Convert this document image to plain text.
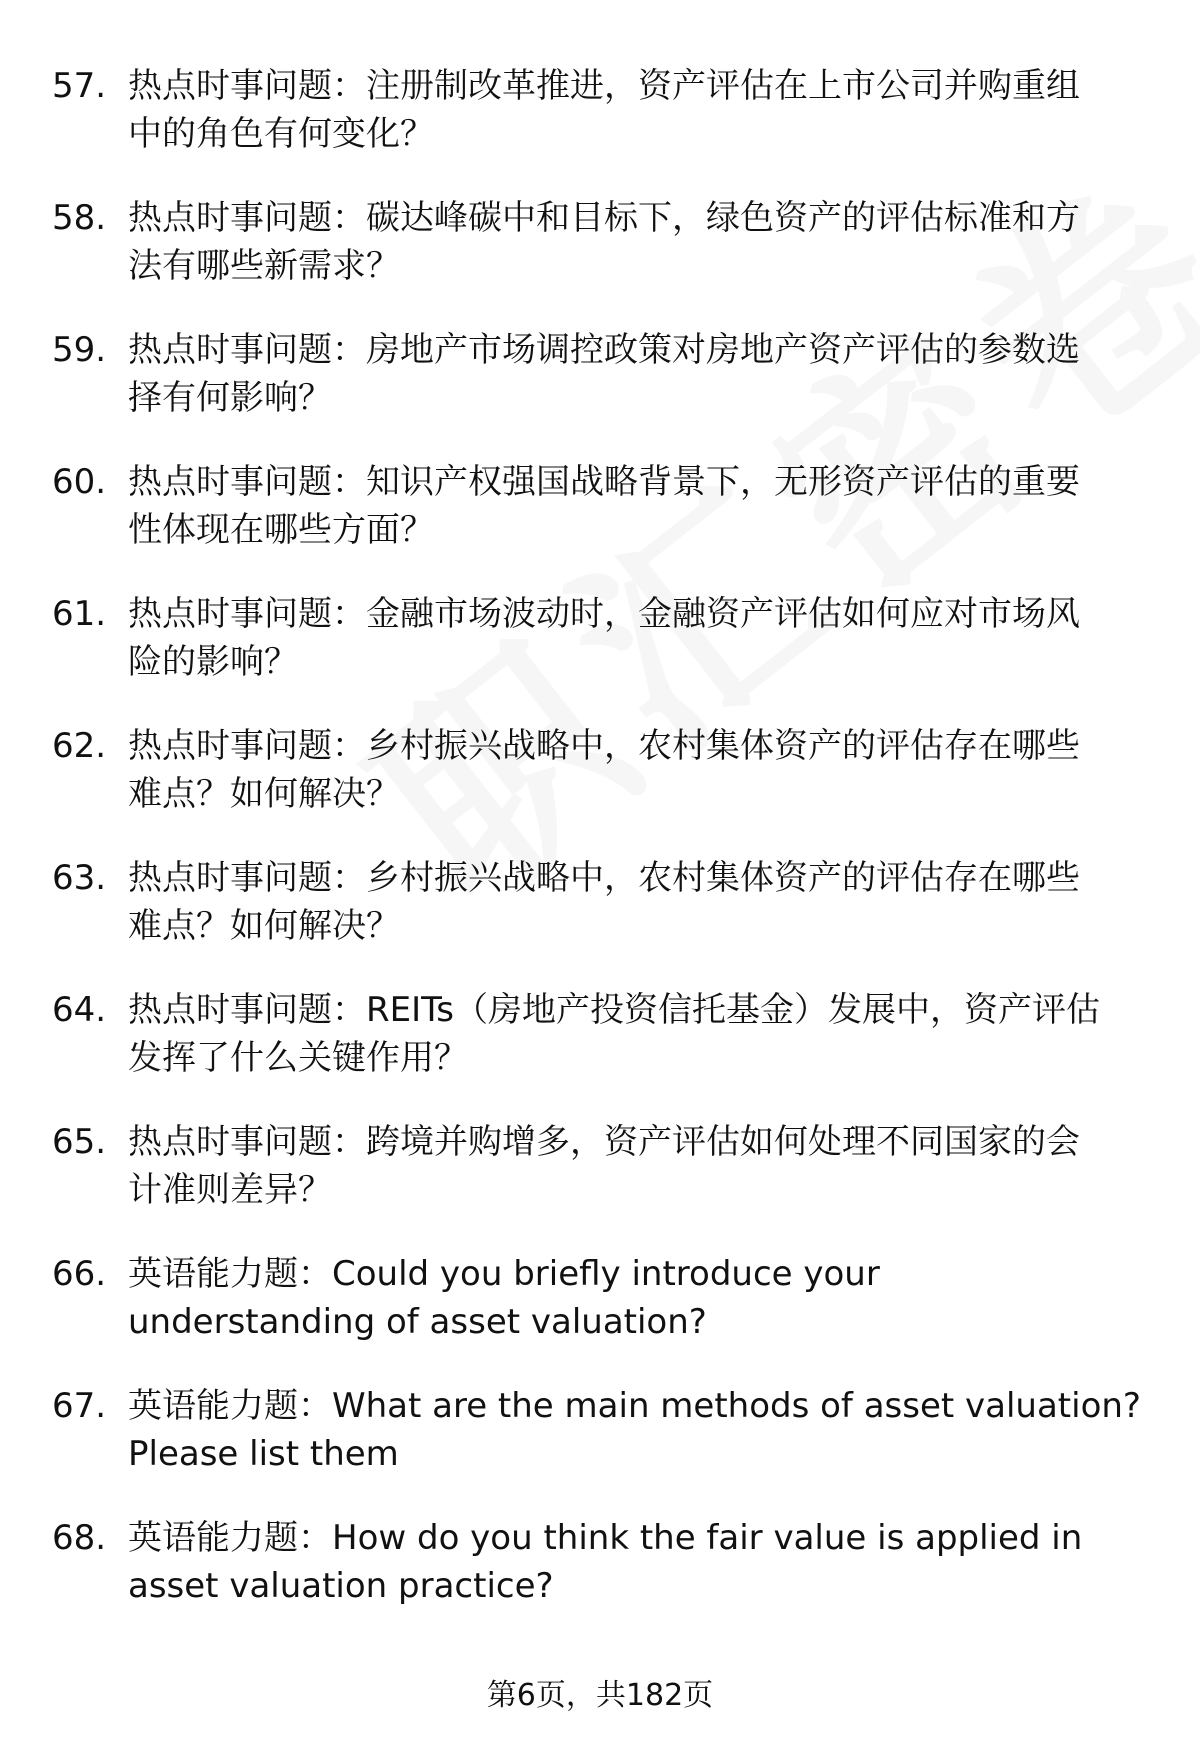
57. 热点时事问题：注册制改革推进，资产评估在上市公司并购重组
中的角色有何变化？
58. 热点时事问题：碳达峰碳中和目标下，绿色资产的评估标准和方
法有哪些新需求？
59. 热点时事问题：房地产市场调控政策对房地产资产评估的参数选
择有何影响？
60. 热点时事问题：知识产权强国战略背景下，无形资产评估的重要
性体现在哪些方面？
61. 热点时事问题：金融市场波动时，金融资产评估如何应对市场风
险的影响？
62. 热点时事问题：乡村振兴战略中，农村集体资产的评估存在哪些
难点？如何解决？
63. 热点时事问题：乡村振兴战略中，农村集体资产的评估存在哪些
难点？如何解决？
64. 热点时事问题：REITs（房地产投资信托基金）发展中，资产评估
发挥了什么关键作用？
65. 热点时事问题：跨境并购增多，资产评估如何处理不同国家的会
计准则差异？
66. 英语能力题：Could you briefly introduce your
understanding of asset valuation?
67. 英语能力题：What are the main methods of asset valuation?
Please list them
68. 英语能力题：How do you think the fair value is applied in
asset valuation practice?
第6页，共182页
